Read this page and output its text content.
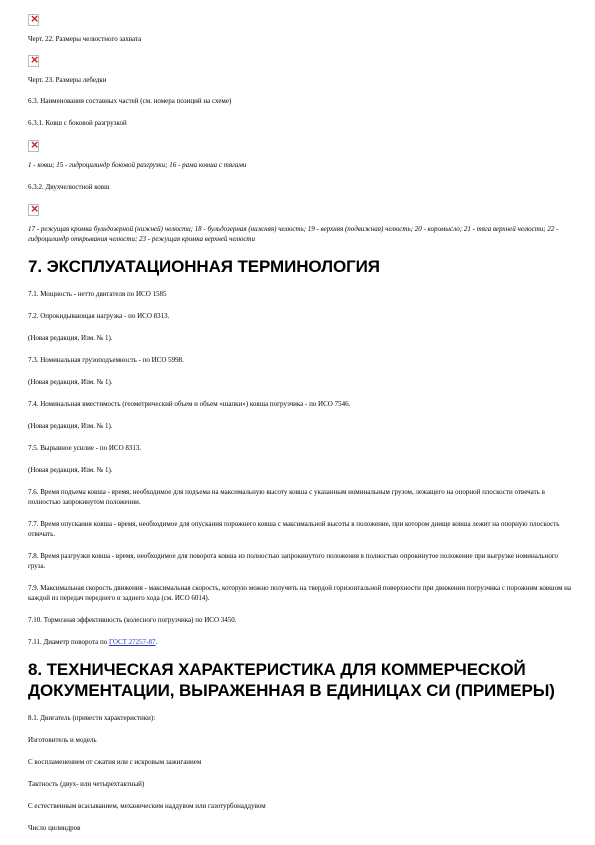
×

Черт. 22. Размеры челюстного захвата

×

Черт. 23. Размеры лебедки

6.3. Наименования составных частей (см. номера позиций на схеме)

6.3.1. Ковш с боковой разгрузкой

×

1 - ковш; 15 - гидроцилиндр боковой разгрузки; 16 - рама ковша с тягами

6.3.2. Двухчелюстной ковш

×

17 - режущая кромка бульдозерной (нижней) челюсти; 18 - бульдозерная (нижняя) челюсть; 19 - верхняя (подвижная) челюсть; 20 - коромысло; 21 - тяга верхней челюсти; 22 - гидроцилиндр открывания челюсти; 23 - режущая кромка верхней челюсти

7. ЭКСПЛУАТАЦИОННАЯ ТЕРМИНОЛОГИЯ

7.1. Мощность - нетто двигателя по ИСО 1585

7.2. Опрокидывающая нагрузка - по ИСО 8313.

(Новая редакция, Изм. № 1).

7.3. Номинальная грузоподъемность - по ИСО 5998.

(Новая редакция, Изм. № 1).

7.4. Номинальная вместимость (геометрический объем и объем «шапки») ковша погрузчика - по ИСО 7546.

(Новая редакция, Изм. № 1).

7.5. Вырывное усилие - по ИСО 8313.

(Новая редакция, Изм. № 1).

7.6. Время подъема ковша - время, необходимое для подъема на максимальную высоту ковша с указанным номинальным грузом, лежащего на опорной плоскости отвечать в полностью запрокинутом положении.

7.7. Время опускания ковша - время, необходимое для опускания порожнего ковша с максимальной высоты в положение, при котором днище ковша лежит на опорную плоскость отвечать.

7.8. Время разгрузки ковша - время, необходимое для поворота ковша из полностью запрокинутого положения в полностью опрокинутое положение при выгрузке номинального груза.

7.9. Максимальная скорость движения - максимальная скорость, которую можно получить на твердой горизонтальной поверхности при движении погрузчика с порожним ковшом на каждой из передач переднего и заднего хода (см. ИСО 6014).

7.10. Тормозная эффективность (колесного погрузчика) по ИСО 3450.

7.11. Диаметр поворота по ГОСТ 27257-87.

8. ТЕХНИЧЕСКАЯ ХАРАКТЕРИСТИКА ДЛЯ КОММЕРЧЕСКОЙ ДОКУМЕНТАЦИИ, ВЫРАЖЕННАЯ В ЕДИНИЦАХ СИ (ПРИМЕРЫ)

8.1. Двигатель (привести характеристики):

Изготовитель и модель

С воспламенением от сжатия или с искровым зажиганием

Тактность (двух- или четырехтактный)

С естественным всасыванием, механическим наддувом или газотурбонаддувом

Число цилиндров
